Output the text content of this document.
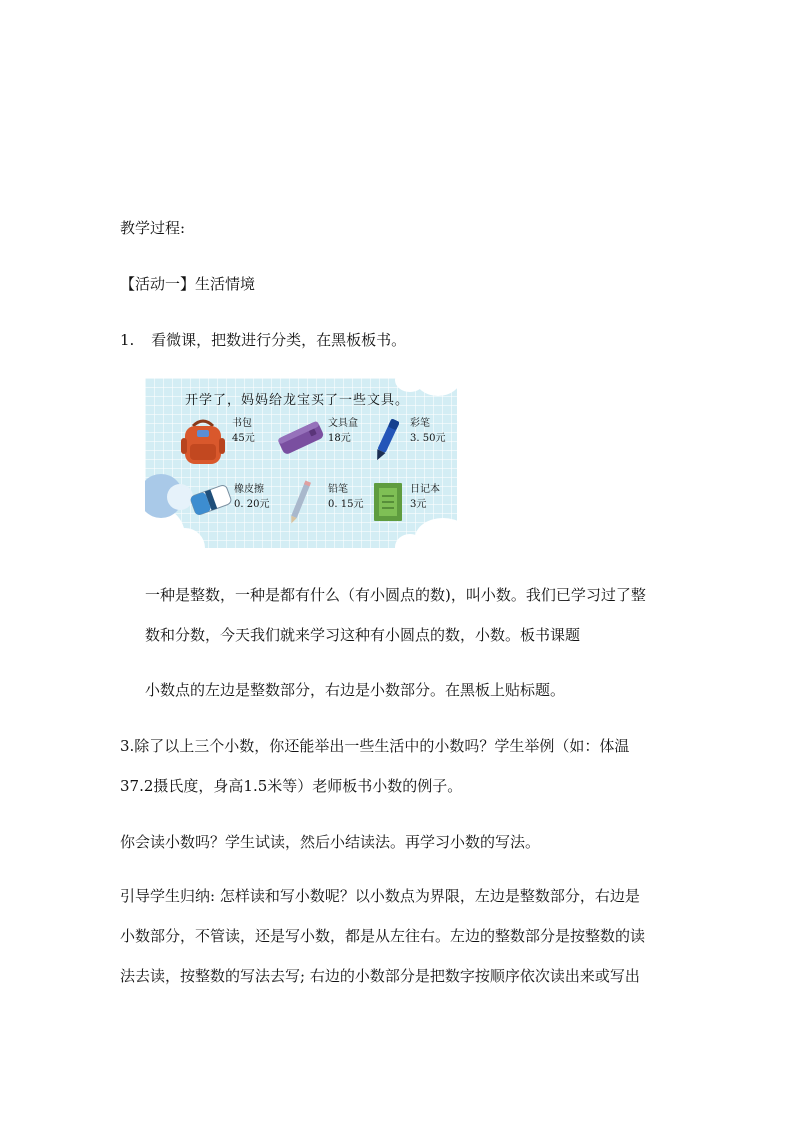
教学过程:
【活动一】生活情境
1. 看微课，把数进行分类，在黑板板书。
开学了，妈妈给龙宝买了一些文具。
书包
45元
文具盒
18元
彩笔
3. 50元
橡皮擦
0. 20元
铅笔
0. 15元
日记本
3元
一种是整数，一种是都有什么（有小圆点的数)，叫小数。我们已学习过了整
数和分数，今天我们就来学习这种有小圆点的数，小数。板书课题
小数点的左边是整数部分，右边是小数部分。在黑板上贴标题。
3.除了以上三个小数，你还能举出一些生活中的小数吗？学生举例（如：体温
37.2摄氏度，身高1.5米等）老师板书小数的例子。
你会读小数吗？学生试读，然后小结读法。再学习小数的写法。
引导学生归纳: 怎样读和写小数呢？以小数点为界限，左边是整数部分，右边是
小数部分，不管读，还是写小数，都是从左往右。左边的整数部分是按整数的读
法去读，按整数的写法去写; 右边的小数部分是把数字按顺序依次读出来或写出
